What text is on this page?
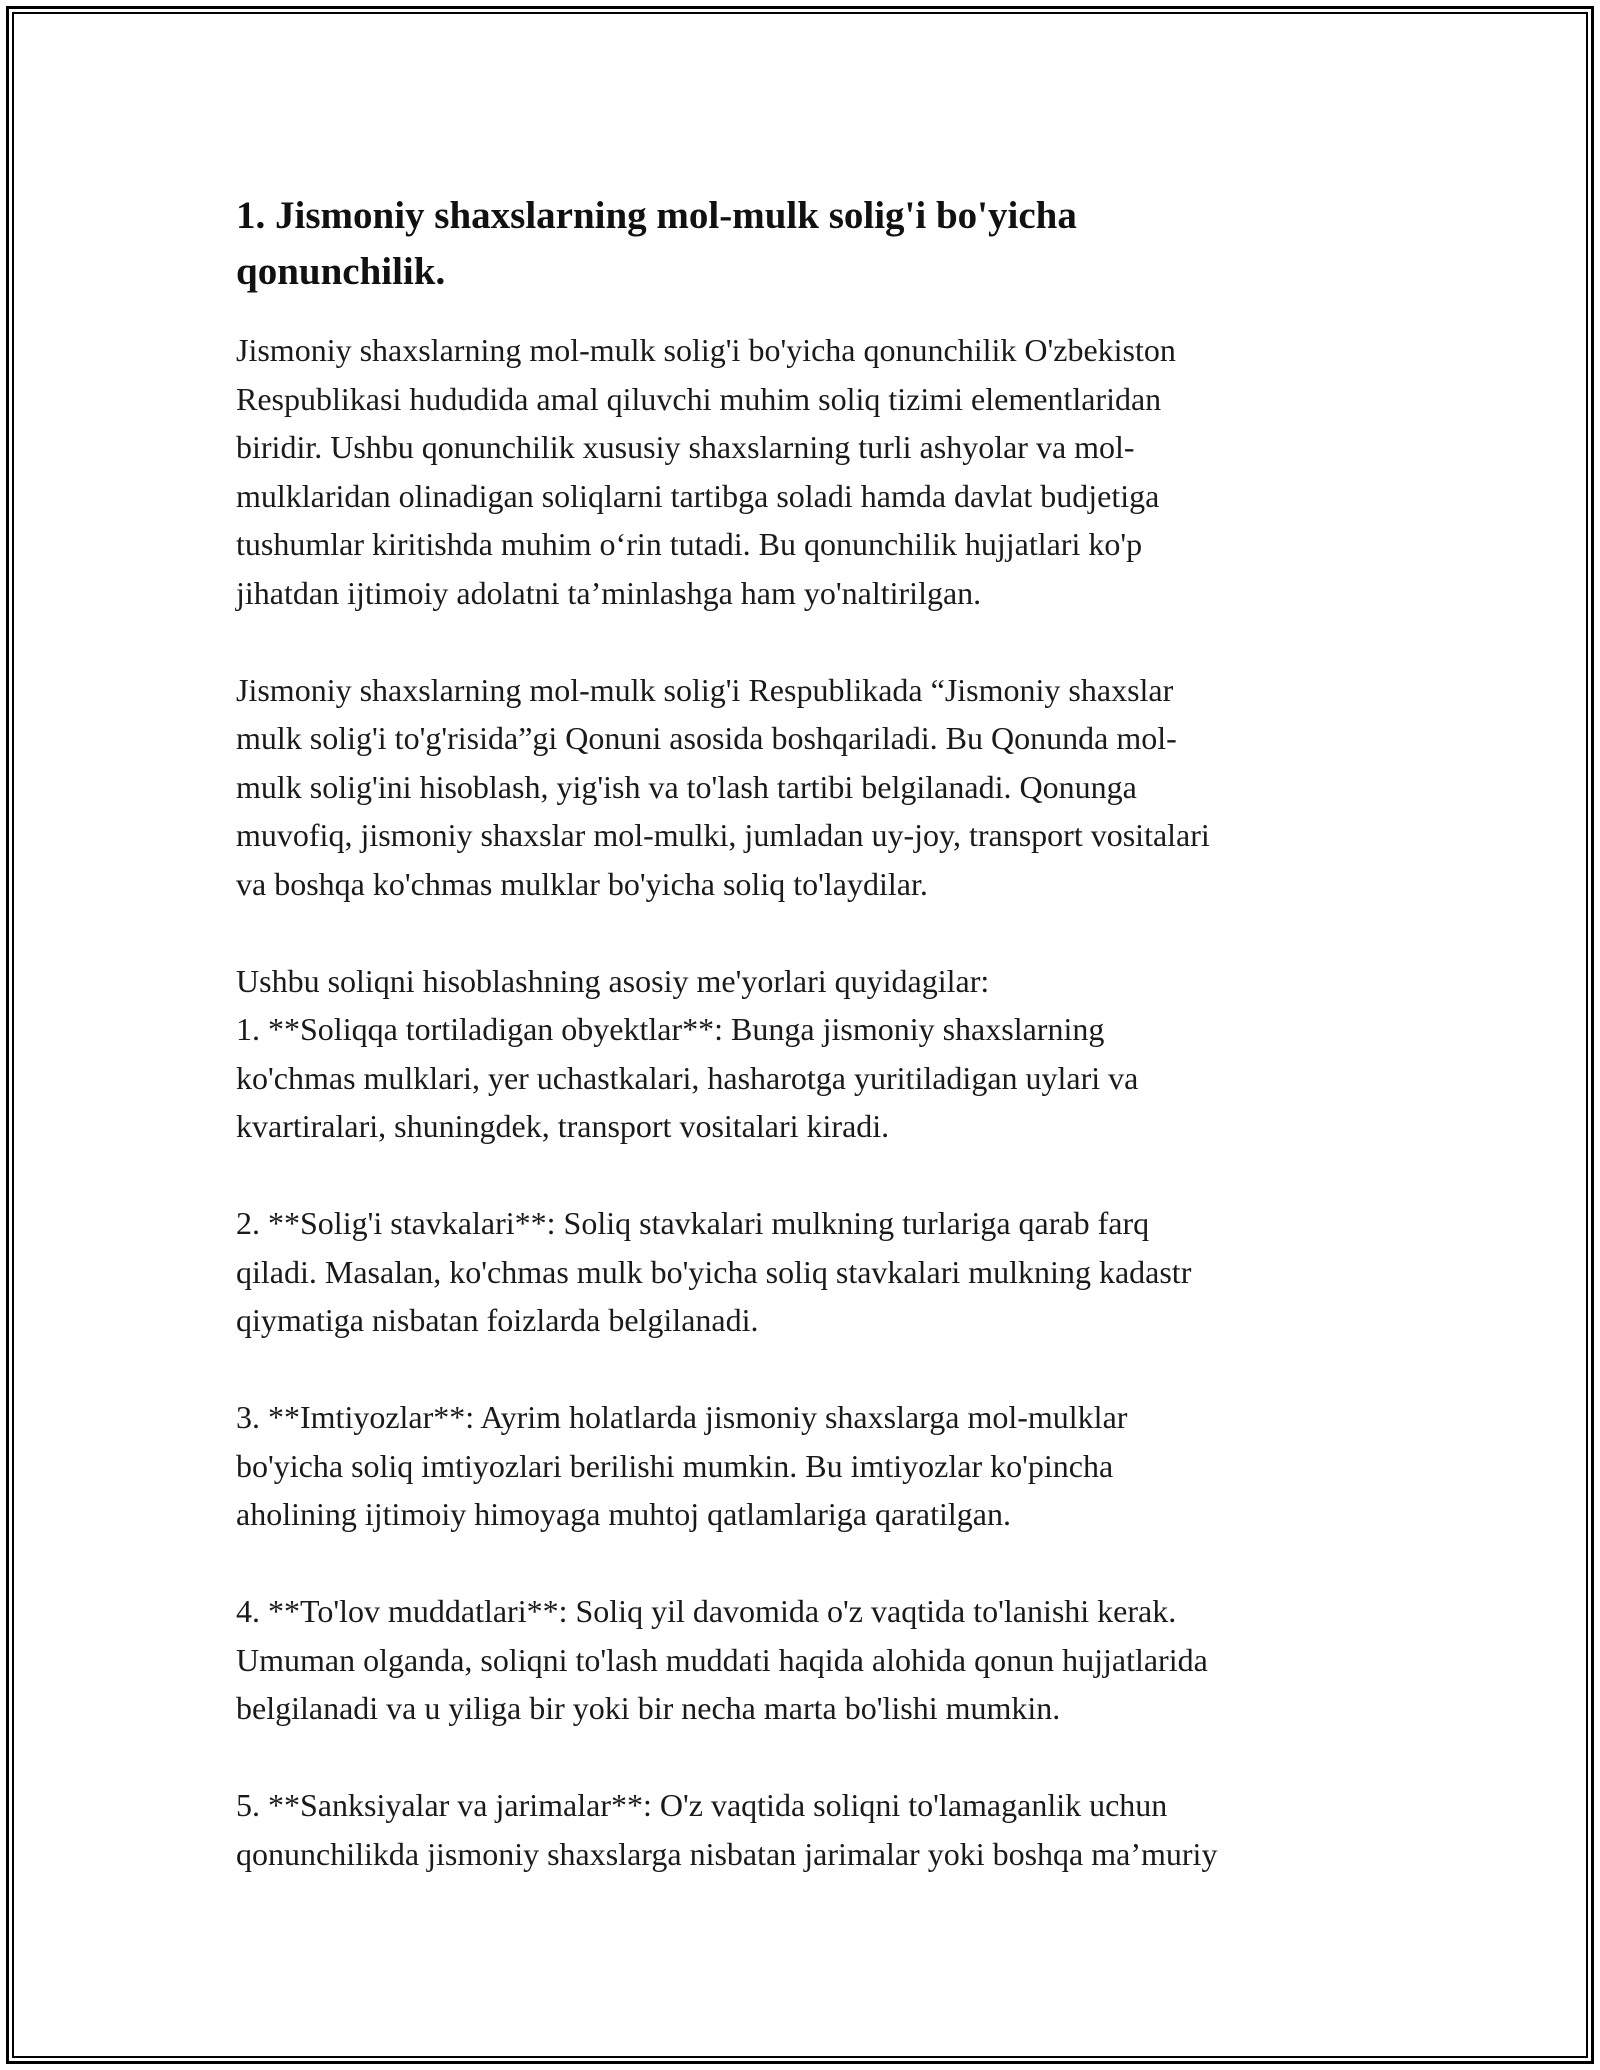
1. Jismoniy shaxslarning mol-mulk solig'i bo'yicha
qonunchilik.

Jismoniy shaxslarning mol-mulk solig'i bo'yicha qonunchilik O'zbekiston
Respublikasi hududida amal qiluvchi muhim soliq tizimi elementlaridan
biridir. Ushbu qonunchilik xususiy shaxslarning turli ashyolar va mol-
mulklaridan olinadigan soliqlarni tartibga soladi hamda davlat budjetiga
tushumlar kiritishda muhim o‘rin tutadi. Bu qonunchilik hujjatlari ko'p
jihatdan ijtimoiy adolatni ta’minlashga ham yo'naltirilgan.

Jismoniy shaxslarning mol-mulk solig'i Respublikada “Jismoniy shaxslar
mulk solig'i to'g'risida”gi Qonuni asosida boshqariladi. Bu Qonunda mol-
mulk solig'ini hisoblash, yig'ish va to'lash tartibi belgilanadi. Qonunga
muvofiq, jismoniy shaxslar mol-mulki, jumladan uy-joy, transport vositalari
va boshqa ko'chmas mulklar bo'yicha soliq to'laydilar.

Ushbu soliqni hisoblashning asosiy me'yorlari quyidagilar:
1. **Soliqqa tortiladigan obyektlar**: Bunga jismoniy shaxslarning
ko'chmas mulklari, yer uchastkalari, hasharotga yuritiladigan uylari va
kvartiralari, shuningdek, transport vositalari kiradi.

2. **Solig'i stavkalari**: Soliq stavkalari mulkning turlariga qarab farq
qiladi. Masalan, ko'chmas mulk bo'yicha soliq stavkalari mulkning kadastr
qiymatiga nisbatan foizlarda belgilanadi.

3. **Imtiyozlar**: Ayrim holatlarda jismoniy shaxslarga mol-mulklar
bo'yicha soliq imtiyozlari berilishi mumkin. Bu imtiyozlar ko'pincha
aholining ijtimoiy himoyaga muhtoj qatlamlariga qaratilgan.

4. **To'lov muddatlari**: Soliq yil davomida o'z vaqtida to'lanishi kerak.
Umuman olganda, soliqni to'lash muddati haqida alohida qonun hujjatlarida
belgilanadi va u yiliga bir yoki bir necha marta bo'lishi mumkin.

5. **Sanksiyalar va jarimalar**: O'z vaqtida soliqni to'lamaganlik uchun
qonunchilikda jismoniy shaxslarga nisbatan jarimalar yoki boshqa ma’muriy
